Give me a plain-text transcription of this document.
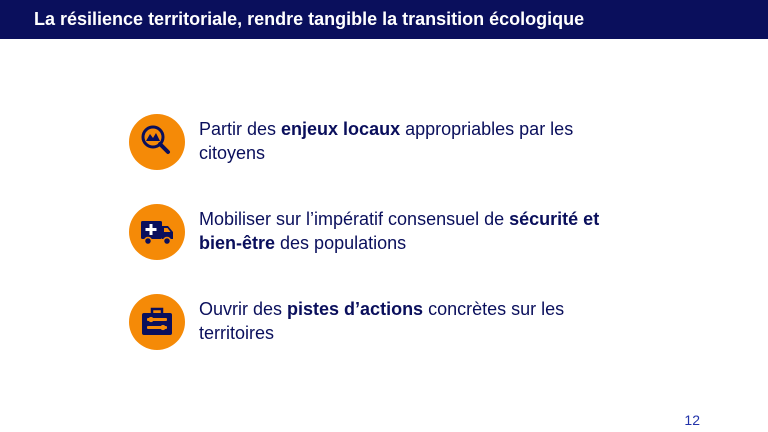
La résilience territoriale, rendre tangible la transition écologique
Partir des enjeux locaux appropriables par les citoyens
Mobiliser sur l’impératif consensuel de sécurité et bien-être des populations
Ouvrir des pistes d’actions concrètes sur les territoires
12
